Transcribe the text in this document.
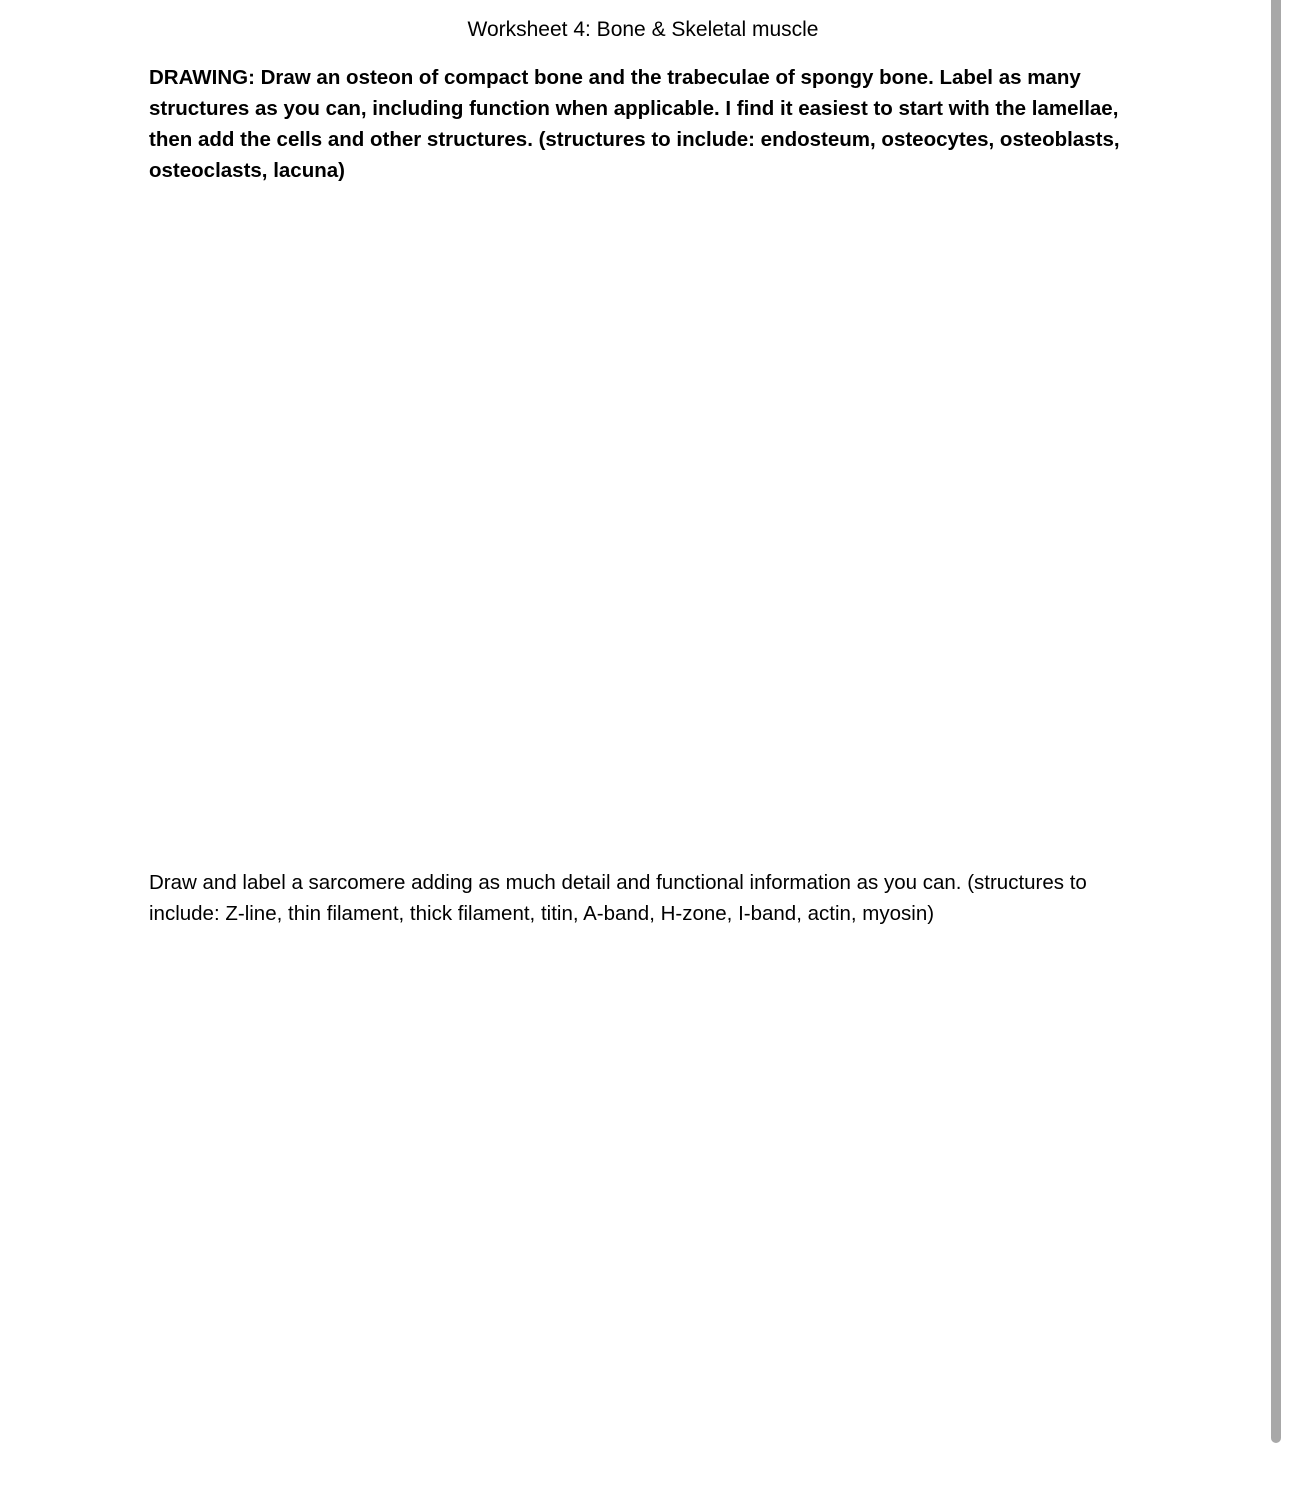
Worksheet 4: Bone & Skeletal muscle

DRAWING: Draw an osteon of compact bone and the trabeculae of spongy bone. Label as many structures as you can, including function when applicable. I find it easiest to start with the lamellae, then add the cells and other structures. (structures to include: endosteum, osteocytes, osteoblasts, osteoclasts, lacuna)

Draw and label a sarcomere adding as much detail and functional information as you can. (structures to include: Z-line, thin filament, thick filament, titin, A-band, H-zone, I-band, actin, myosin)
